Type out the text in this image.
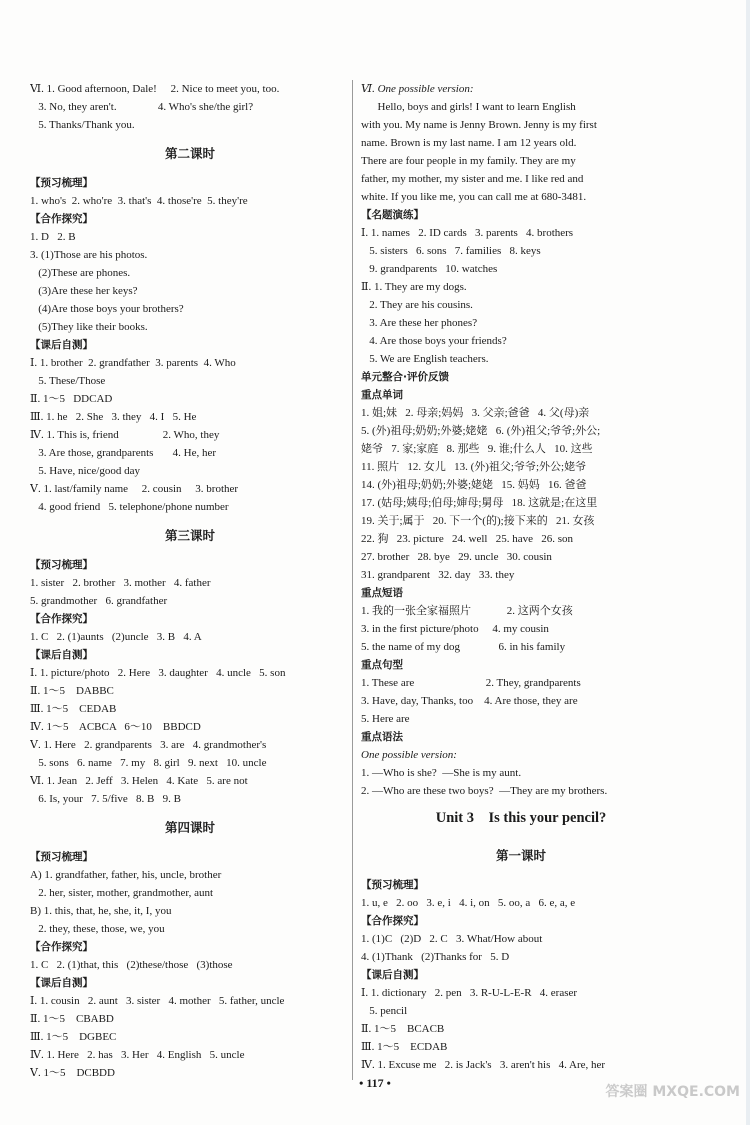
Ⅵ. 1. Good afternoon, Dale!     2. Nice to meet you, too.
3. No, they aren't.               4. Who's she/the girl?
5. Thanks/Thank you.
第二课时
【预习梳理】
1. who's  2. who're  3. that's  4. those're  5. they're
【合作探究】
1. D   2. B
3. (1)Those are his photos.
(2)These are phones.
(3)Are these her keys?
(4)Are those boys your brothers?
(5)They like their books.
【课后自测】
Ⅰ. 1. brother  2. grandfather  3. parents  4. Who
5. These/Those
Ⅱ. 1～5   DDCAD
Ⅲ. 1. he   2. She   3. they   4. I   5. He
Ⅳ. 1. This is, friend                2. Who, they
3. Are those, grandparents       4. He, her
5. Have, nice/good day
Ⅴ. 1. last/family name     2. cousin     3. brother
4. good friend   5. telephone/phone number
第三课时
【预习梳理】
1. sister   2. brother   3. mother   4. father
5. grandmother   6. grandfather
【合作探究】
1. C   2. (1)aunts   (2)uncle   3. B   4. A
【课后自测】
Ⅰ. 1. picture/photo   2. Here   3. daughter   4. uncle   5. son
Ⅱ. 1～5    DABBC
Ⅲ. 1～5    CEDAB
Ⅳ. 1～5    ACBCA   6～10    BBDCD
Ⅴ. 1. Here   2. grandparents   3. are   4. grandmother's
5. sons   6. name   7. my   8. girl   9. next   10. uncle
Ⅵ. 1. Jean   2. Jeff   3. Helen   4. Kate   5. are not
6. Is, your   7. 5/five   8. B   9. B
第四课时
【预习梳理】
A) 1. grandfather, father, his, uncle, brother
2. her, sister, mother, grandmother, aunt
B) 1. this, that, he, she, it, I, you
2. they, these, those, we, you
【合作探究】
1. C   2. (1)that, this   (2)these/those   (3)those
【课后自测】
Ⅰ. 1. cousin   2. aunt   3. sister   4. mother   5. father, uncle
Ⅱ. 1～5    CBABD
Ⅲ. 1～5    DGBEC
Ⅳ. 1. Here   2. has   3. Her   4. English   5. uncle
Ⅴ. 1～5    DCBDD
Ⅵ. One possible version:
Hello, boys and girls! I want to learn English
with you. My name is Jenny Brown. Jenny is my first
name. Brown is my last name. I am 12 years old.
There are four people in my family. They are my
father, my mother, my sister and me. I like red and
white. If you like me, you can call me at 680-3481.
【名题演练】
Ⅰ. 1. names   2. ID cards   3. parents   4. brothers
5. sisters   6. sons   7. families   8. keys
9. grandparents   10. watches
Ⅱ. 1. They are my dogs.
2. They are his cousins.
3. Are these her phones?
4. Are those boys your friends?
5. We are English teachers.
单元整合·评价反馈
重点单词
1. 姐;妹   2. 母亲;妈妈   3. 父亲;爸爸   4. 父(母)亲
5. (外)祖母;奶奶;外婆;姥姥   6. (外)祖父;爷爷;外公;
姥爷   7. 家;家庭   8. 那些   9. 谁;什么人   10. 这些
11. 照片   12. 女儿   13. (外)祖父;爷爷;外公;姥爷
14. (外)祖母;奶奶;外婆;姥姥   15. 妈妈   16. 爸爸
17. (姑母;姨母;伯母;婶母;舅母   18. 这就是;在这里
19. 关于;属于   20. 下一个(的);接下来的   21. 女孩
22. 狗   23. picture   24. well   25. have   26. son
27. brother   28. bye   29. uncle   30. cousin
31. grandparent   32. day   33. they
重点短语
1. 我的一张全家福照片             2. 这两个女孩
3. in the first picture/photo     4. my cousin
5. the name of my dog              6. in his family
重点句型
1. These are                          2. They, grandparents
3. Have, day, Thanks, too    4. Are those, they are
5. Here are
重点语法
One possible version:
1. —Who is she?  —She is my aunt.
2. —Who are these two boys?  —They are my brothers.
Unit 3    Is this your pencil?
第一课时
【预习梳理】
1. u, e   2. oo   3. e, i   4. i, on   5. oo, a   6. e, a, e
【合作探究】
1. (1)C   (2)D   2. C   3. What/How about
4. (1)Thank   (2)Thanks for   5. D
【课后自测】
Ⅰ. 1. dictionary   2. pen   3. R-U-L-E-R   4. eraser
5. pencil
Ⅱ. 1～5    BCACB
Ⅲ. 1～5    ECDAB
Ⅳ. 1. Excuse me   2. is Jack's   3. aren't his   4. Are, her
• 117 •
答案圈 MXQE.COM
